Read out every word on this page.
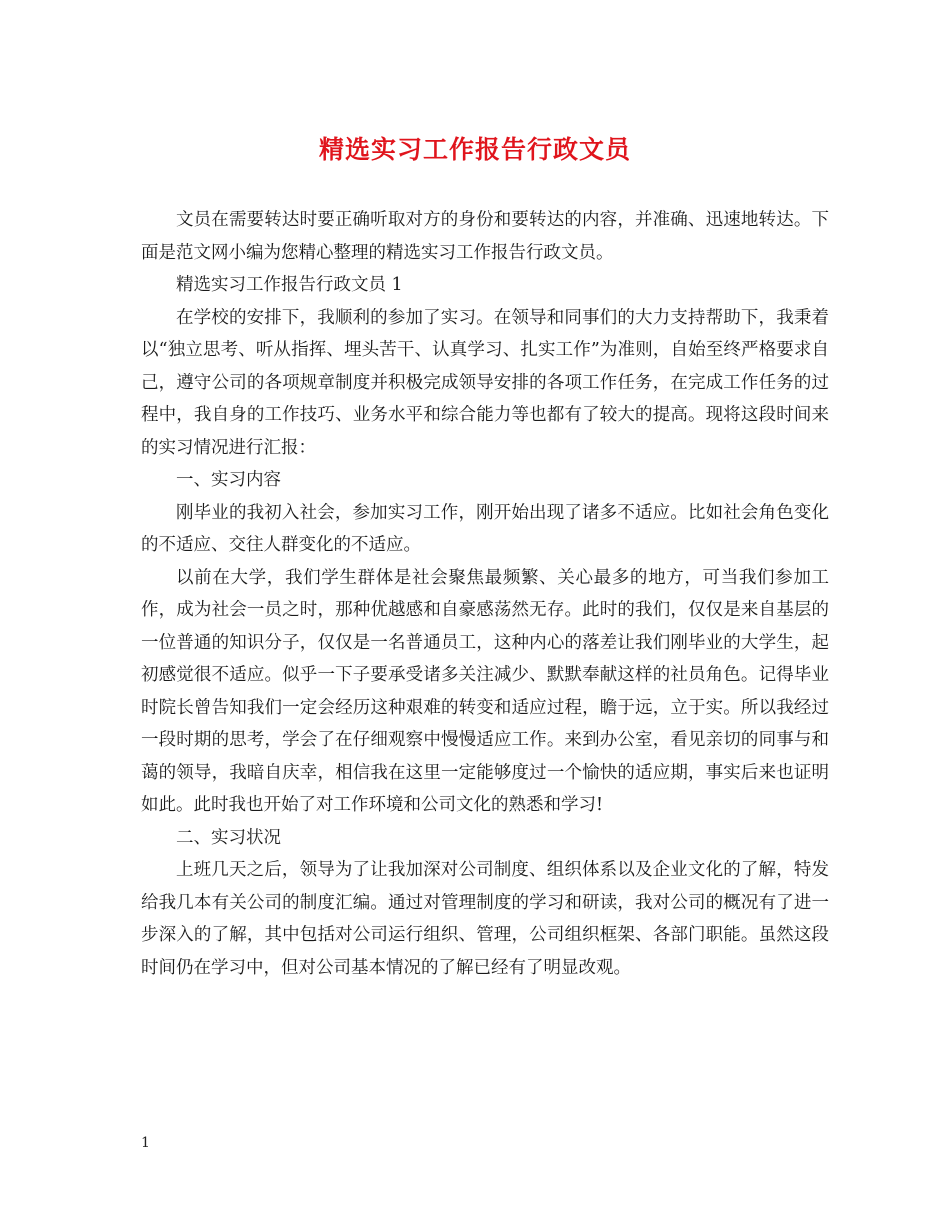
精选实习工作报告行政文员

文员在需要转达时要正确听取对方的身份和要转达的内容，并准确、迅速地转达。下面是范文网小编为您精心整理的精选实习工作报告行政文员。

精选实习工作报告行政文员 1

在学校的安排下，我顺利的参加了实习。在领导和同事们的大力支持帮助下，我秉着以“独立思考、听从指挥、埋头苦干、认真学习、扎实工作”为准则，自始至终严格要求自己，遵守公司的各项规章制度并积极完成领导安排的各项工作任务，在完成工作任务的过程中，我自身的工作技巧、业务水平和综合能力等也都有了较大的提高。现将这段时间来的实习情况进行汇报：

一、实习内容

刚毕业的我初入社会，参加实习工作，刚开始出现了诸多不适应。比如社会角色变化的不适应、交往人群变化的不适应。

以前在大学，我们学生群体是社会聚焦最频繁、关心最多的地方，可当我们参加工作，成为社会一员之时，那种优越感和自豪感荡然无存。此时的我们，仅仅是来自基层的一位普通的知识分子，仅仅是一名普通员工，这种内心的落差让我们刚毕业的大学生，起初感觉很不适应。似乎一下子要承受诸多关注减少、默默奉献这样的社员角色。记得毕业时院长曾告知我们一定会经历这种艰难的转变和适应过程，瞻于远，立于实。所以我经过一段时期的思考，学会了在仔细观察中慢慢适应工作。来到办公室，看见亲切的同事与和蔼的领导，我暗自庆幸，相信我在这里一定能够度过一个愉快的适应期，事实后来也证明如此。此时我也开始了对工作环境和公司文化的熟悉和学习!

二、实习状况

上班几天之后，领导为了让我加深对公司制度、组织体系以及企业文化的了解，特发给我几本有关公司的制度汇编。通过对管理制度的学习和研读，我对公司的概况有了进一步深入的了解，其中包括对公司运行组织、管理，公司组织框架、各部门职能。虽然这段时间仍在学习中，但对公司基本情况的了解已经有了明显改观。

1
